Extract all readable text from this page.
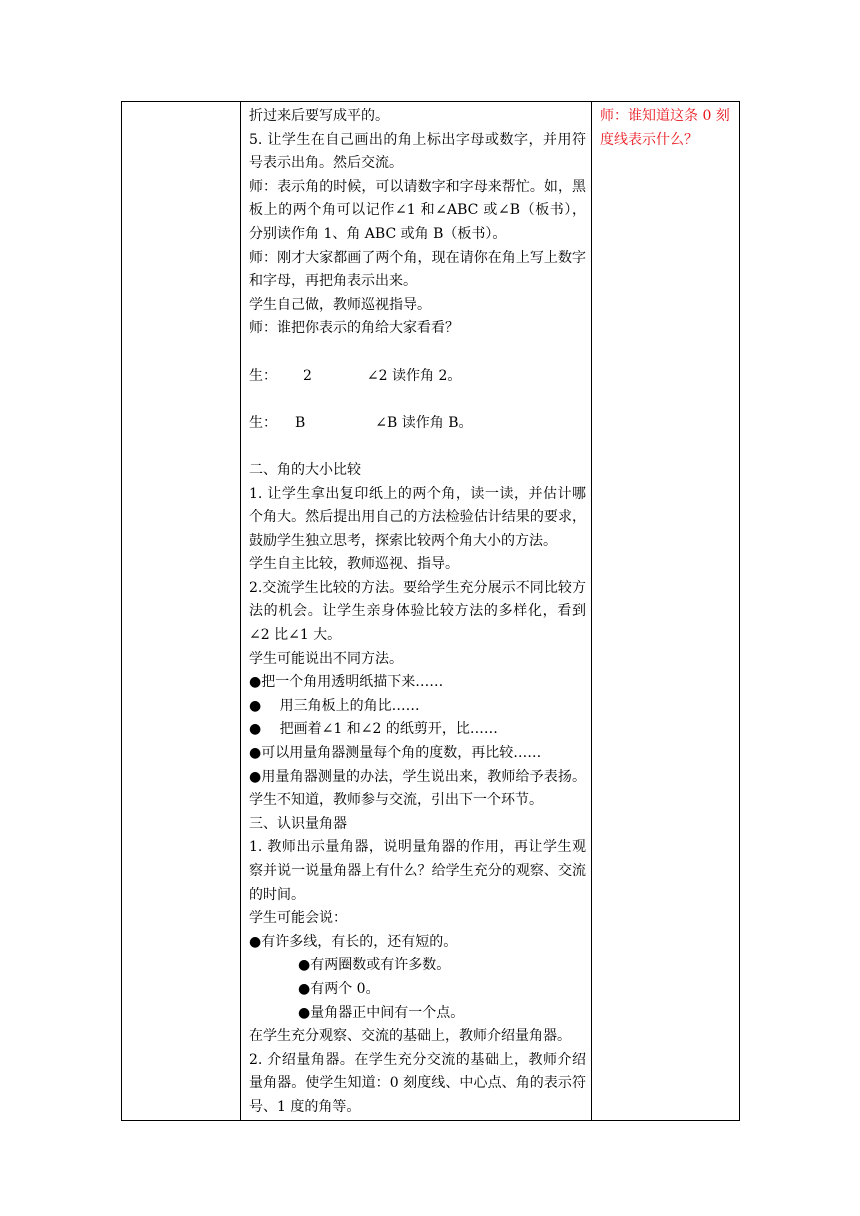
折过来后要写成平的。
5. 让学生在自己画出的角上标出字母或数字，并用符号表示出角。然后交流。
师：表示角的时候，可以请数字和字母来帮忙。如，黑板上的两个角可以记作∠1 和∠ABC 或∠B（板书），分别读作角 1、角 ABC 或角 B（板书）。
师：刚才大家都画了两个角，现在请你在角上写上数字和字母，再把角表示出来。
学生自己做，教师巡视指导。
师：谁把你表示的角给大家看看？
生： 2	∠2 读作角 2。
生： B	∠B 读作角 B。
二、角的大小比较
1. 让学生拿出复印纸上的两个角，读一读，并估计哪个角大。然后提出用自己的方法检验估计结果的要求，鼓励学生独立思考，探索比较两个角大小的方法。
学生自主比较，教师巡视、指导。
2.交流学生比较的方法。要给学生充分展示不同比较方法的机会。让学生亲身体验比较方法的多样化，看到∠2 比∠1 大。
学生可能说出不同方法。
●把一个角用透明纸描下来……
●　 用三角板上的角比……
●　 把画着∠1 和∠2 的纸剪开，比……
●可以用量角器测量每个角的度数，再比较……
●用量角器测量的办法，学生说出来，教师给予表扬。学生不知道，教师参与交流，引出下一个环节。
三、认识量角器
1. 教师出示量角器，说明量角器的作用，再让学生观察并说一说量角器上有什么？给学生充分的观察、交流的时间。
学生可能会说：
●有许多线，有长的，还有短的。
●有两圈数或有许多数。
●有两个 0。
●量角器正中间有一个点。
在学生充分观察、交流的基础上，教师介绍量角器。
2. 介绍量角器。在学生充分交流的基础上，教师介绍量角器。使学生知道：0 刻度线、中心点、角的表示符号、1 度的角等。

师：谁知道这条 0 刻度线表示什么？
